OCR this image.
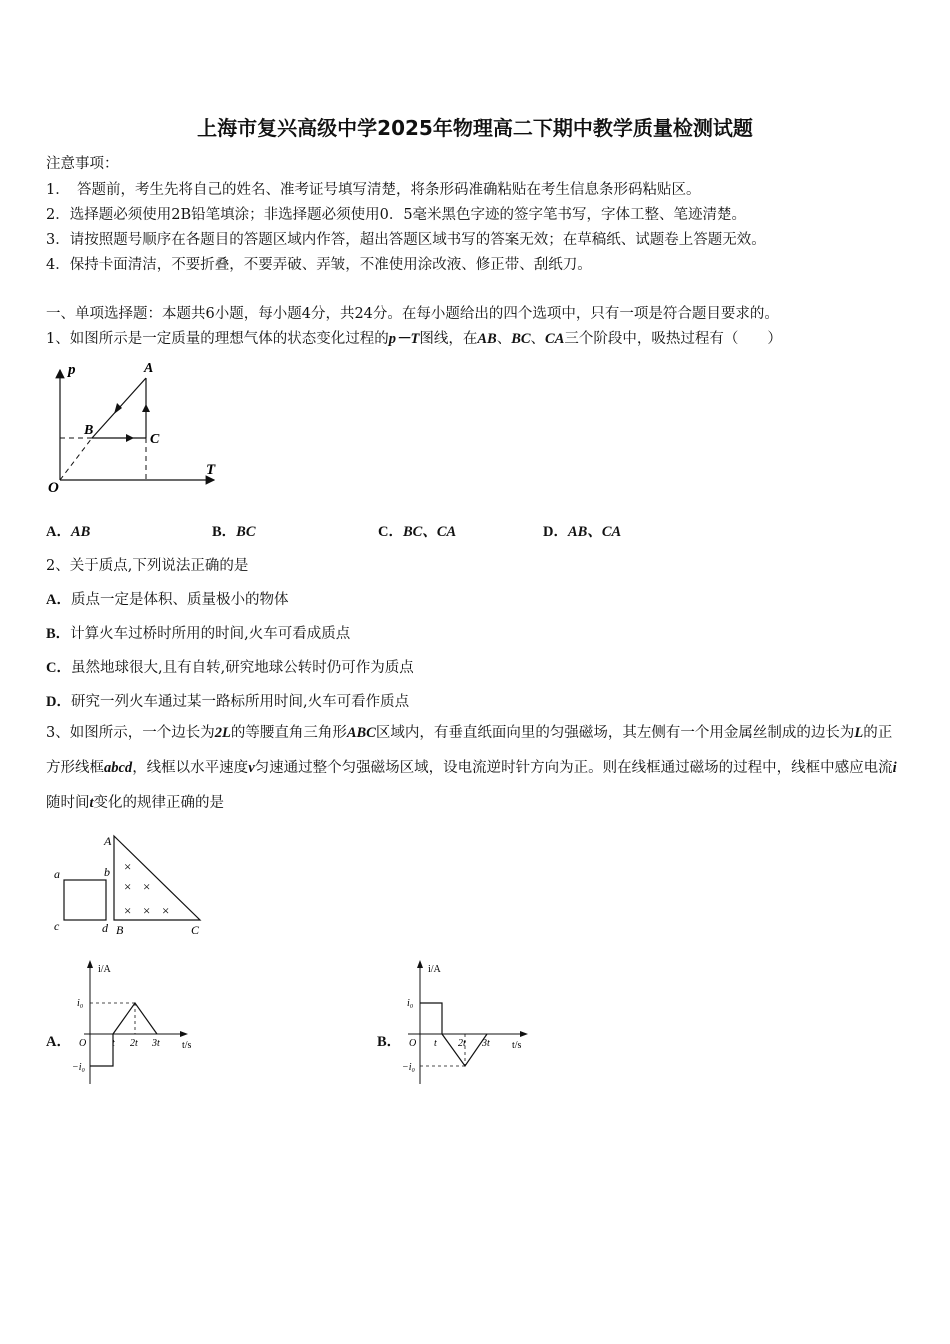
上海市复兴高级中学2025年物理高二下期中教学质量检测试题
注意事项：
1．　答题前，考生先将自己的姓名、准考证号填写清楚，将条形码准确粘贴在考生信息条形码粘贴区。
2．选择题必须使用2B铅笔填涂；非选择题必须使用0．5毫米黑色字迹的签字笔书写，字体工整、笔迹清楚。
3．请按照题号顺序在各题目的答题区域内作答，超出答题区域书写的答案无效；在草稿纸、试题卷上答题无效。
4．保持卡面清洁，不要折叠，不要弄破、弄皱，不准使用涂改液、修正带、刮纸刀。
一、单项选择题：本题共6小题，每小题4分，共24分。在每小题给出的四个选项中，只有一项是符合题目要求的。
1、如图所示是一定质量的理想气体的状态变化过程的p－T图线，在AB、BC、CA三个阶段中，吸热过程有（　　）
p
T
O
A
B
C
A．AB	B．BC	C．BC、CA	D．AB、CA
2、关于质点,下列说法正确的是
A．质点一定是体积、质量极小的物体
B．计算火车过桥时所用的时间,火车可看成质点
C．虽然地球很大,且有自转,研究地球公转时仍可作为质点
D．研究一列火车通过某一路标所用时间,火车可看作质点
3、如图所示，一个边长为2L的等腰直角三角形ABC区域内，有垂直纸面向里的匀强磁场，其左侧有一个用金属丝制成的边长为L的正方形线框abcd，线框以水平速度v匀速通过整个匀强磁场区域，设电流逆时针方向为正。则在线框通过磁场的过程中，线框中感应电流i随时间t变化的规律正确的是
×
× ×
× × ×
a	b
c	d
A
B	C
A．
i/A
t/s
O
i₀
−i₀
t 2t 3t	B．
i/A
t/s
O
i₀
−i₀
t 2t 3t
